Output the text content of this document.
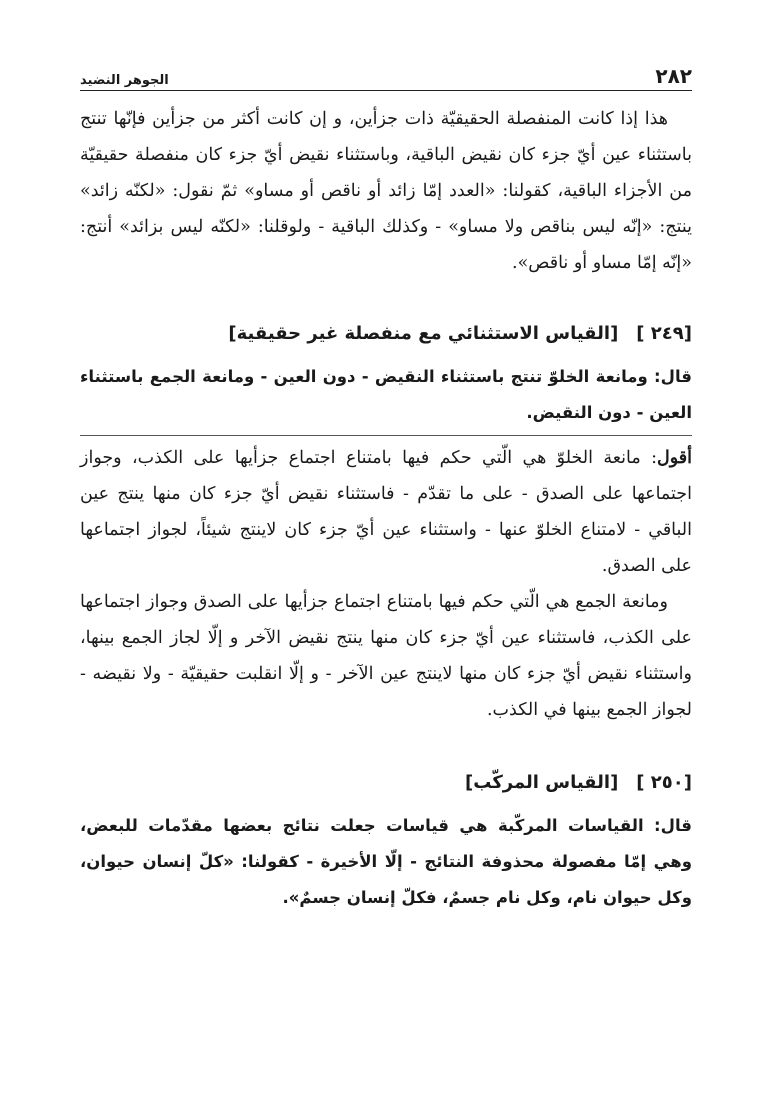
٢٨٢
الجوهر النضيد

هذا إذا كانت المنفصلة الحقيقيّة ذات جزأين، و إن كانت أكثر من جزأين فإنّها تنتج باستثناء عين أيّ جزء كان نقيض الباقية، وباستثناء نقيض أيّ جزء كان منفصلة حقيقيّة من الأجزاء الباقية، كقولنا: «العدد إمّا زائد أو ناقص أو مساو» ثمّ نقول: «لكنّه زائد» ينتج: «إنّه ليس بناقص ولا مساو» - وكذلك الباقية - ولوقلنا: «لكنّه ليس بزائد» أنتج: «إنّه إمّا مساو أو ناقص».

[٢٤٩ ][القياس الاستثنائي مع منفصلة غير حقيقية]

قال: ومانعة الخلوّ تنتج باستثناء النقيض - دون العين - ومانعة الجمع باستثناء العين - دون النقيض.

أقول: مانعة الخلوّ هي الّتي حكم فيها بامتناع اجتماع جزأيها على الكذب، وجواز اجتماعها على الصدق - على ما تقدّم - فاستثناء نقيض أيّ جزء كان منها ينتج عين الباقي - لامتناع الخلوّ عنها - واستثناء عين أيّ جزء كان لاينتج شيئاً، لجواز اجتماعها على الصدق.

ومانعة الجمع هي الّتي حكم فيها بامتناع اجتماع جزأيها على الصدق وجواز اجتماعها على الكذب، فاستثناء عين أيّ جزء كان منها ينتج نقيض الآخر و إلّا لجاز الجمع بينها، واستثناء نقيض أيّ جزء كان منها لاينتج عين الآخر - و إلّا انقلبت حقيقيّة - ولا نقيضه - لجواز الجمع بينها في الكذب.

[٢٥٠ ][القياس المركّب]

قال: القياسات المركّبة هي قياسات جعلت نتائج بعضها مقدّمات للبعض، وهي إمّا مفصولة محذوفة النتائج - إلّا الأخيرة - كقولنا: «كلّ إنسان حيوان، وكل حيوان نام، وكل نام جسمٌ، فكلّ إنسان جسمٌ».
